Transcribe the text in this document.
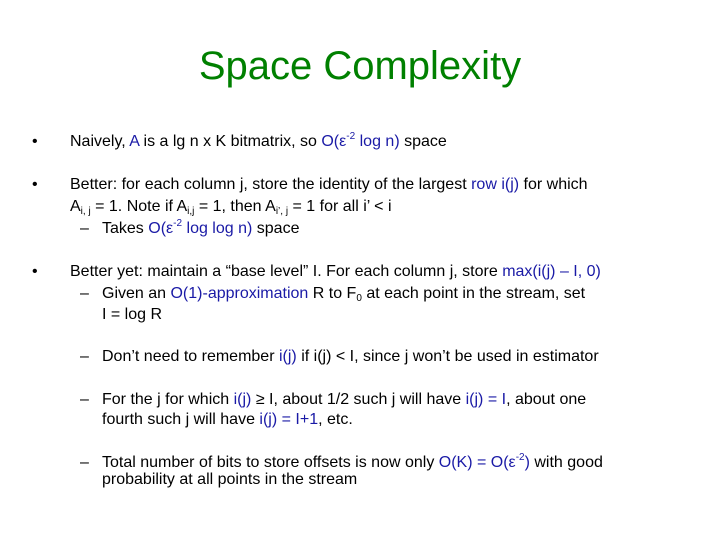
Space Complexity
• Naively, A is a lg n x K bitmatrix, so $O(\varepsilon^{-2}$ log n) space
• Better: for each column j, store the identity of the largest row i(j) for which
$A_{i, j} = 1$. Note if $A_{i,j} = 1$, then $A_{i’, j} = 1$ for all i’ < i
– Takes $O(\varepsilon^{-2}$ log log n) space
• Better yet: maintain a “base level” I. For each column j, store max(i(j) – I, 0)
– Given an O(1)-approximation R to $F_0$ at each point in the stream, set
I = log R
– Don’t need to remember i(j) if i(j) < I, since j won’t be used in estimator
– For the j for which i(j) ≥ I, about 1/2 such j will have i(j) = I, about one
fourth such j will have i(j) = I+1, etc.
– Total number of bits to store offsets is now only $O(K) = O(\varepsilon^{-2})$ with good
probability at all points in the stream
